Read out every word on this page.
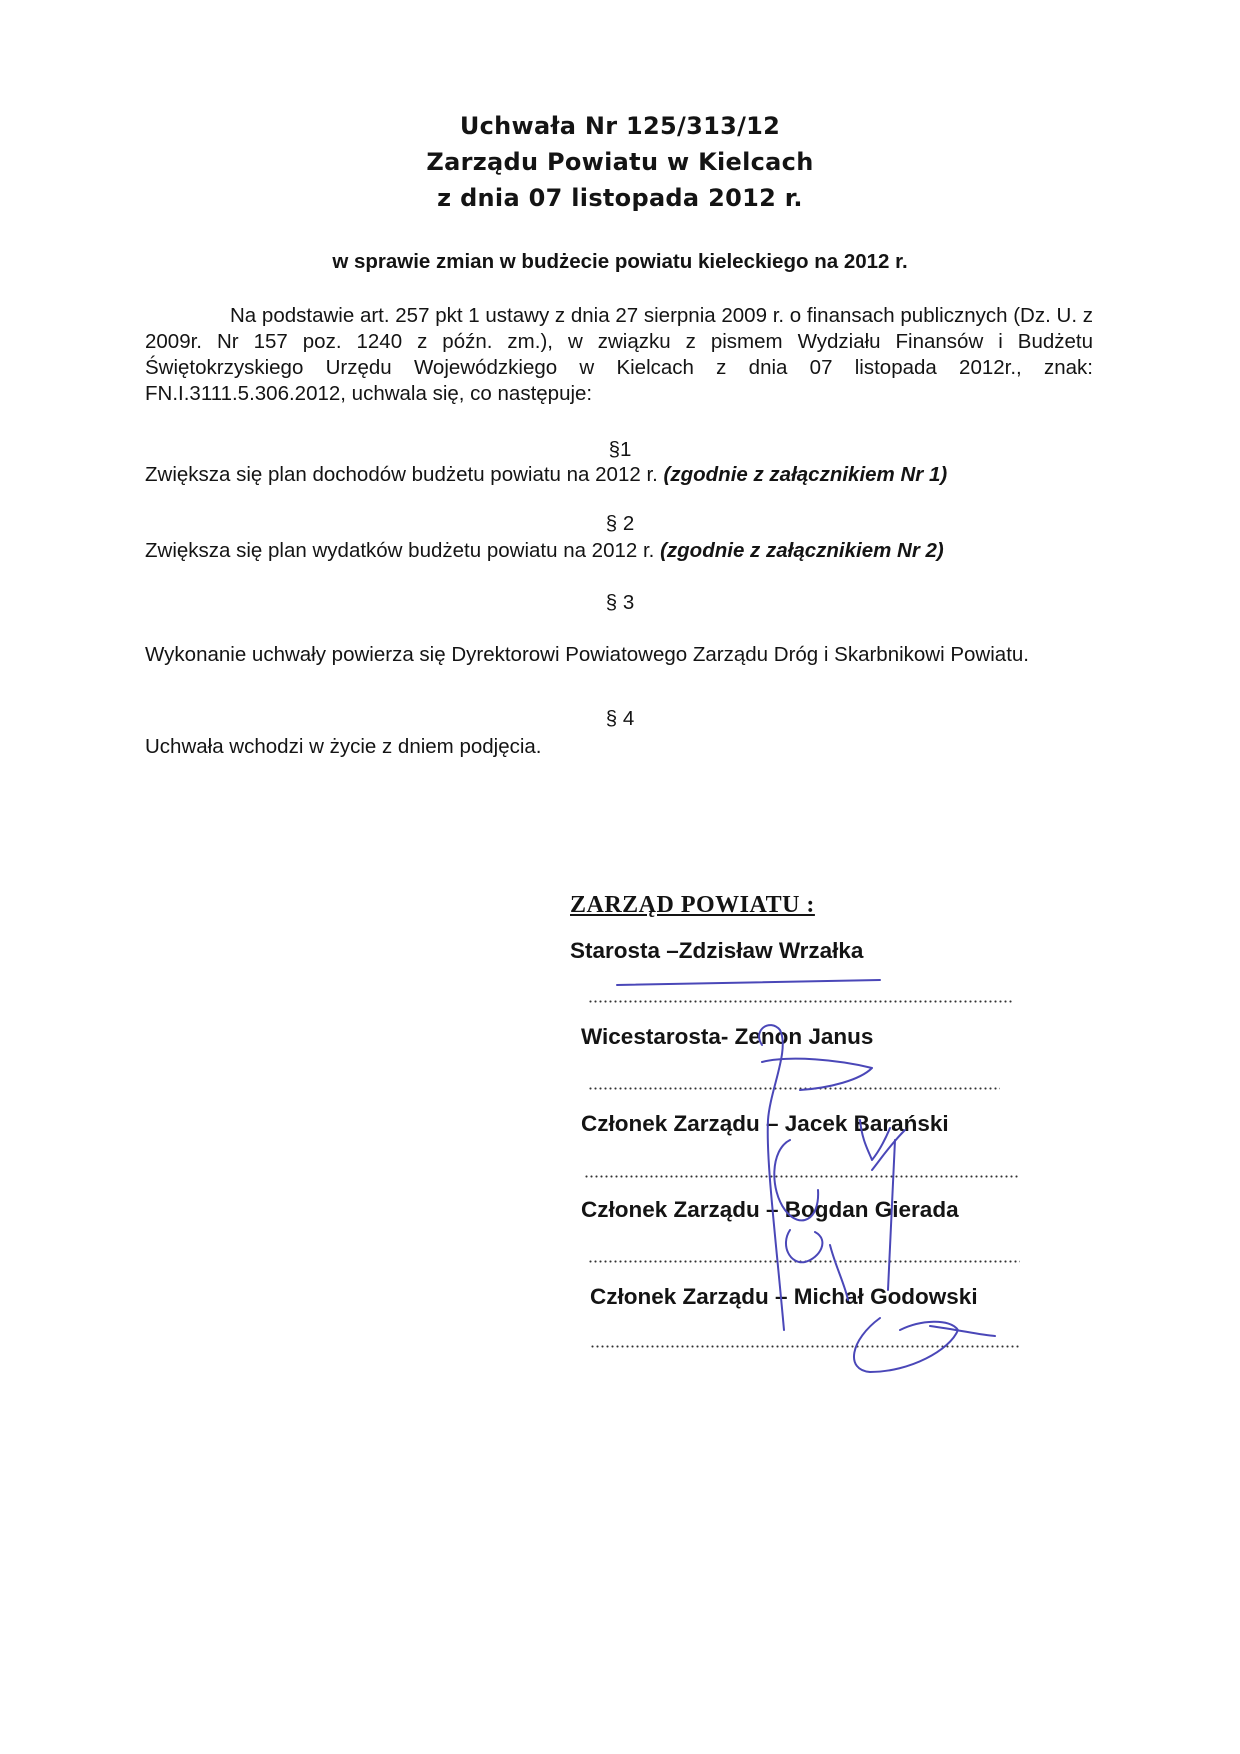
Uchwała Nr 125/313/12
Zarządu Powiatu w Kielcach
z dnia 07 listopada 2012 r.
w sprawie zmian w budżecie powiatu kieleckiego na 2012 r.
Na podstawie art. 257 pkt 1 ustawy z dnia 27 sierpnia 2009 r. o finansach publicznych (Dz. U. z 2009r. Nr 157 poz. 1240 z późn. zm.), w związku z pismem Wydziału Finansów i Budżetu Świętokrzyskiego Urzędu Wojewódzkiego w Kielcach z dnia 07 listopada 2012r., znak: FN.I.3111.5.306.2012, uchwala się, co następuje:
§1
Zwiększa się plan dochodów budżetu powiatu na 2012 r. (zgodnie z załącznikiem Nr 1)
§ 2
Zwiększa się plan wydatków budżetu powiatu na 2012 r. (zgodnie z załącznikiem Nr 2)
§ 3
Wykonanie uchwały powierza się Dyrektorowi Powiatowego Zarządu Dróg i Skarbnikowi Powiatu.
§ 4
Uchwała wchodzi w życie z dniem podjęcia.
ZARZĄD POWIATU :
Starosta –Zdzisław Wrzałka
Wicestarosta- Zenon Janus
Członek Zarządu – Jacek Barański
Członek Zarządu – Bogdan Gierada
Członek Zarządu – Michał Godowski
